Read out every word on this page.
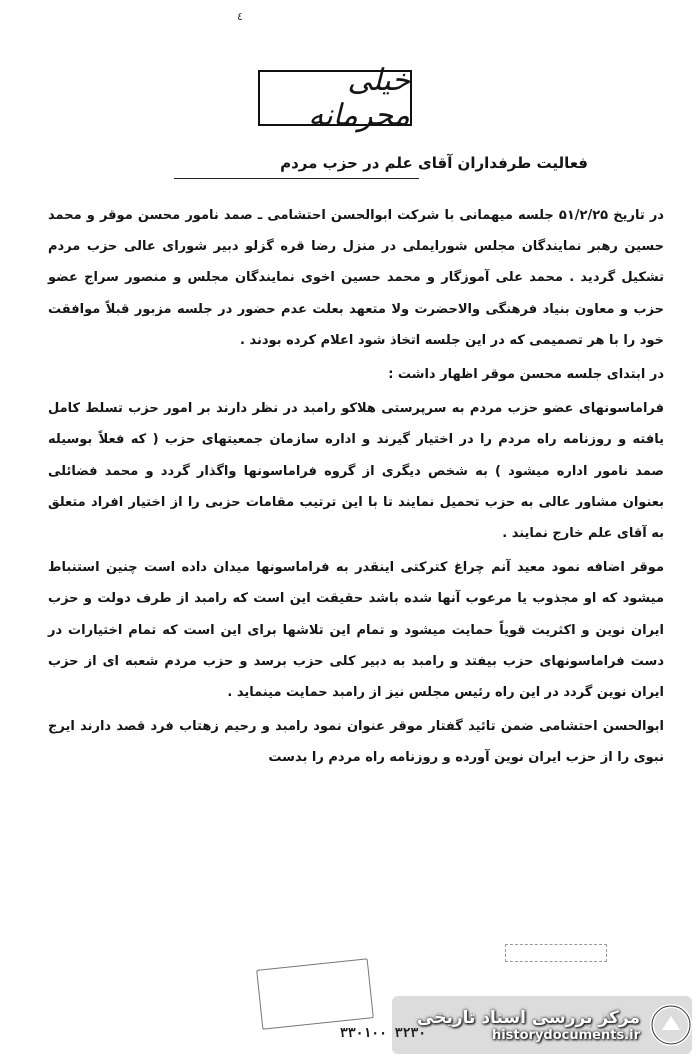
٤
خیلی محرمانه
فعالیت طرفداران آقای علم در حزب مردم

در تاریخ ۵۱/۲/۲۵ جلسه میهمانی با شرکت ابوالحسن احتشامی ـ صمد نامور محسن موقر و محمد حسین رهبر نمایندگان مجلس شورایملی در منزل رضا قره گزلو دبیر شورای عالی حزب مردم تشکیل گردید . محمد علی آموزگار و محمد حسین اخوی نمایندگان مجلس و منصور سراج عضو حزب و معاون بنیاد فرهنگی والاحضرت ولا متعهد بعلت عدم حضور در جلسه مزبور قبلاً موافقت خود را با هر تصمیمی که در این جلسه اتخاذ شود اعلام کرده بودند .

در ابتدای جلسه محسن موقر اظهار داشت :

فراماسونهای عضو حزب مردم به سرپرستی هلاکو رامبد در نظر دارند بر امور حزب تسلط کامل یافته و روزنامه راه مردم را در اختیار گیرند و اداره سازمان جمعیتهای حزب ( که فعلاً بوسیله صمد نامور اداره میشود ) به شخص دیگری از گروه فراماسونها واگذار گردد و محمد فضائلی بعنوان مشاور عالی به حزب تحمیل نمایند تا با این ترتیب مقامات حزبی را از اختیار افراد متعلق به آقای علم خارج نمایند .

موقر اضافه نمود معید آنم چراغ کترکتی اینقدر به فراماسونها میدان داده است چنین استنباط میشود که او مجذوب یا مرعوب آنها شده باشد حقیقت این است که رامبد از طرف دولت و حزب ایران نوین و اکثریت قویاً حمایت میشود و تمام این تلاشها برای این است که تمام اختیارات در دست فراماسونهای حزب بیفتد و رامبد به دبیر کلی حزب برسد و حزب مردم شعبه ای از حزب ایران نوین گردد در این راه رئیس مجلس نیز از رامبد حمایت مینماید .

ابوالحسن احتشامی ضمن تائید گفتار موقر عنوان نمود رامبد و رحیم زهتاب فرد قصد دارند ایرج نبوی را از حزب ایران نوین آورده و روزنامه راه مردم را بدست

۳۳۰۱۰۰ ۳۲۳۰
مرکز بررسی اسناد تاریخی
historydocuments.ir
